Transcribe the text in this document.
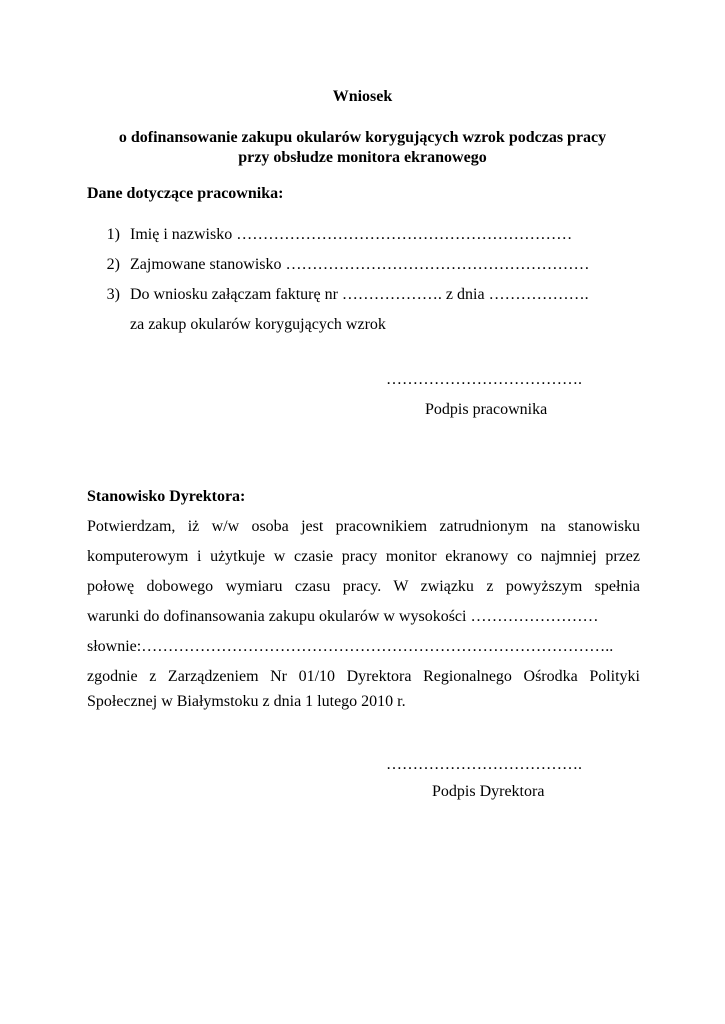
Wniosek
o dofinansowanie zakupu okularów korygujących wzrok podczas pracy
przy obsłudze monitora ekranowego
Dane dotyczące pracownika:
1) Imię i nazwisko ………………………………………………………
2) Zajmowane stanowisko …………………………………………………
3) Do wniosku załączam fakturę nr ………………. z dnia ……………….
za zakup okularów korygujących wzrok
……………………………….
Podpis pracownika
Stanowisko Dyrektora:
Potwierdzam, iż w/w osoba jest pracownikiem zatrudnionym na stanowisku
komputerowym i użytkuje w czasie pracy monitor ekranowy co najmniej przez
połowę dobowego wymiaru czasu pracy. W związku z powyższym spełnia
warunki do dofinansowania zakupu okularów w wysokości ……………………
słownie:……………………………………………………………………………..
zgodnie z Zarządzeniem Nr 01/10 Dyrektora Regionalnego Ośrodka Polityki
Społecznej w Białymstoku z dnia 1 lutego 2010 r.
……………………………….
Podpis Dyrektora
